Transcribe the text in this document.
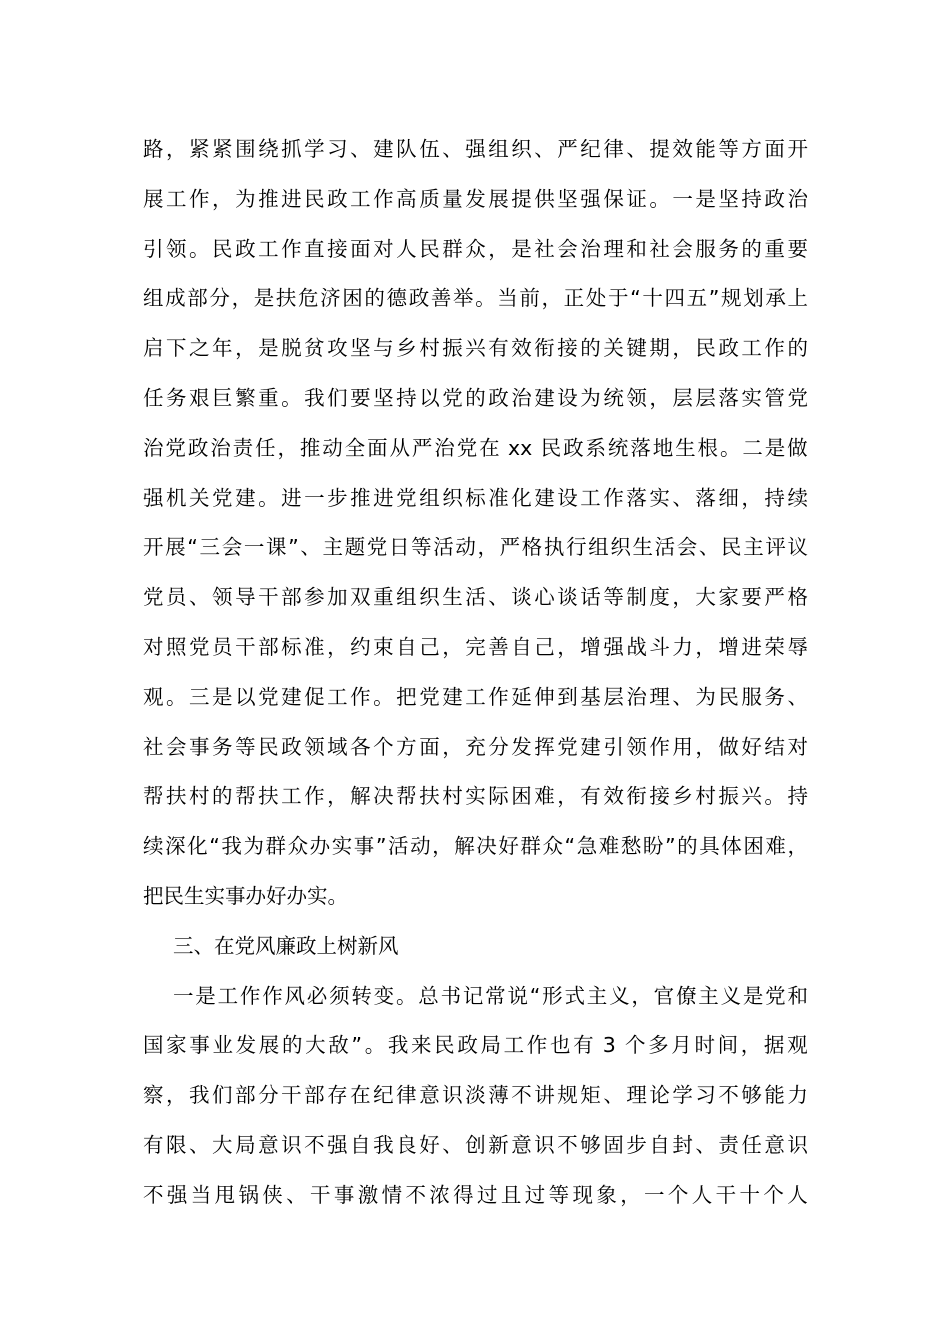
路 ， 紧 紧 围 绕 抓 学 习 、 建 队 伍 、 强 组 织 、 严 纪 律 、 提 效 能 等 方 面 开
展 工 作 ， 为 推 进 民 政 工 作 高 质 量 发 展 提 供 坚 强 保 证 。 一 是 坚 持 政 治
引 领 。 民 政 工 作 直 接 面 对 人 民 群 众 ， 是 社 会 治 理 和 社 会 服 务 的 重 要
组 成 部 分 ， 是 扶 危 济 困 的 德 政 善 举 。 当 前 ， 正 处 于 “ 十 四 五 ” 规 划 承 上
启 下 之 年 ， 是 脱 贫 攻 坚 与 乡 村 振 兴 有 效 衔 接 的 关 键 期 ， 民 政 工 作 的
任 务 艰 巨 繁 重 。 我 们 要 坚 持 以 党 的 政 治 建 设 为 统 领 ， 层 层 落 实 管 党
治 党 政 治 责 任 ， 推 动 全 面 从 严 治 党 在 xx 民 政 系 统 落 地 生 根 。 二 是 做
强 机 关 党 建 。 进 一 步 推 进 党 组 织 标 准 化 建 设 工 作 落 实 、 落 细 ， 持 续
开 展 “ 三 会 一 课 ” 、 主 题 党 日 等 活 动 ， 严 格 执 行 组 织 生 活 会 、 民 主 评 议
党 员 、 领 导 干 部 参 加 双 重 组 织 生 活 、 谈 心 谈 话 等 制 度 ， 大 家 要 严 格
对 照 党 员 干 部 标 准 ， 约 束 自 己 ， 完 善 自 己 ， 增 强 战 斗 力 ， 增 进 荣 辱
观 。 三 是 以 党 建 促 工 作 。 把 党 建 工 作 延 伸 到 基 层 治 理 、 为 民 服 务 、
社 会 事 务 等 民 政 领 域 各 个 方 面 ， 充 分 发 挥 党 建 引 领 作 用 ， 做 好 结 对
帮 扶 村 的 帮 扶 工 作 ， 解 决 帮 扶 村 实 际 困 难 ， 有 效 衔 接 乡 村 振 兴 。 持
续 深 化 “ 我 为 群 众 办 实 事 ” 活 动 ， 解 决 好 群 众 “ 急 难 愁 盼 ” 的 具 体 困 难 ，
把民生实事办好办实。
三、在党风廉政上树新风
一 是 工 作 作 风 必 须 转 变 。 总 书 记 常 说 “ 形 式 主 义 ， 官 僚 主 义 是 党 和
国 家 事 业 发 展 的 大 敌 ” 。 我 来 民 政 局 工 作 也 有 3 个 多 月 时 间 ， 据 观
察 ， 我 们 部 分 干 部 存 在 纪 律 意 识 淡 薄 不 讲 规 矩 、 理 论 学 习 不 够 能 力
有 限 、 大 局 意 识 不 强 自 我 良 好 、 创 新 意 识 不 够 固 步 自 封 、 责 任 意 识
不 强 当 甩 锅 侠 、 干 事 激 情 不 浓 得 过 且 过 等 现 象 ， 一 个 人 干 十 个 人
